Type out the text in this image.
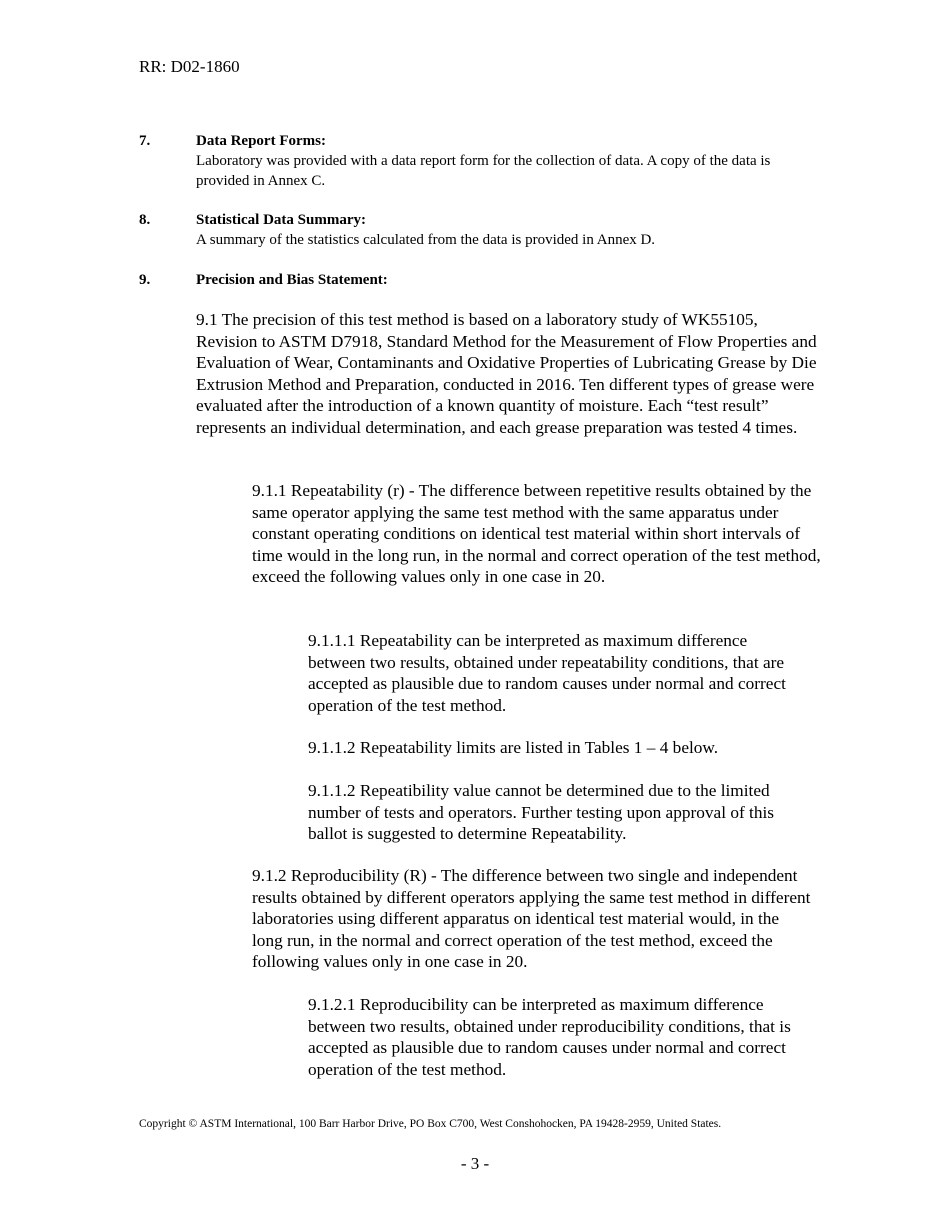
RR: D02-1860
7.	Data Report Forms:
Laboratory was provided with a data report form for the collection of data. A copy of the data is provided in Annex C.
8.	Statistical Data Summary:
A summary of the statistics calculated from the data is provided in Annex D.
9.	Precision and Bias Statement:
9.1 The precision of this test method is based on a laboratory study of WK55105, Revision to ASTM D7918, Standard Method for the Measurement of Flow Properties and Evaluation of Wear, Contaminants and Oxidative Properties of Lubricating Grease by Die Extrusion Method and Preparation, conducted in 2016. Ten different types of grease were evaluated after the introduction of a known quantity of moisture. Each “test result” represents an individual determination, and each grease preparation was tested 4 times.
9.1.1 Repeatability (r) - The difference between repetitive results obtained by the same operator applying the same test method with the same apparatus under constant operating conditions on identical test material within short intervals of time would in the long run, in the normal and correct operation of the test method, exceed the following values only in one case in 20.
9.1.1.1 Repeatability can be interpreted as maximum difference between two results, obtained under repeatability conditions, that are accepted as plausible due to random causes under normal and correct operation of the test method.
9.1.1.2 Repeatability limits are listed in Tables 1 – 4 below.
9.1.1.2 Repeatibility value cannot be determined due to the limited number of tests and operators. Further testing upon approval of this ballot is suggested to determine Repeatability.
9.1.2 Reproducibility (R) - The difference between two single and independent results obtained by different operators applying the same test method in different laboratories using different apparatus on identical test material would, in the long run, in the normal and correct operation of the test method, exceed the following values only in one case in 20.
9.1.2.1 Reproducibility can be interpreted as maximum difference between two results, obtained under reproducibility conditions, that is accepted as plausible due to random causes under normal and correct operation of the test method.
Copyright © ASTM International, 100 Barr Harbor Drive, PO Box C700, West Conshohocken, PA 19428-2959, United States.
- 3 -
